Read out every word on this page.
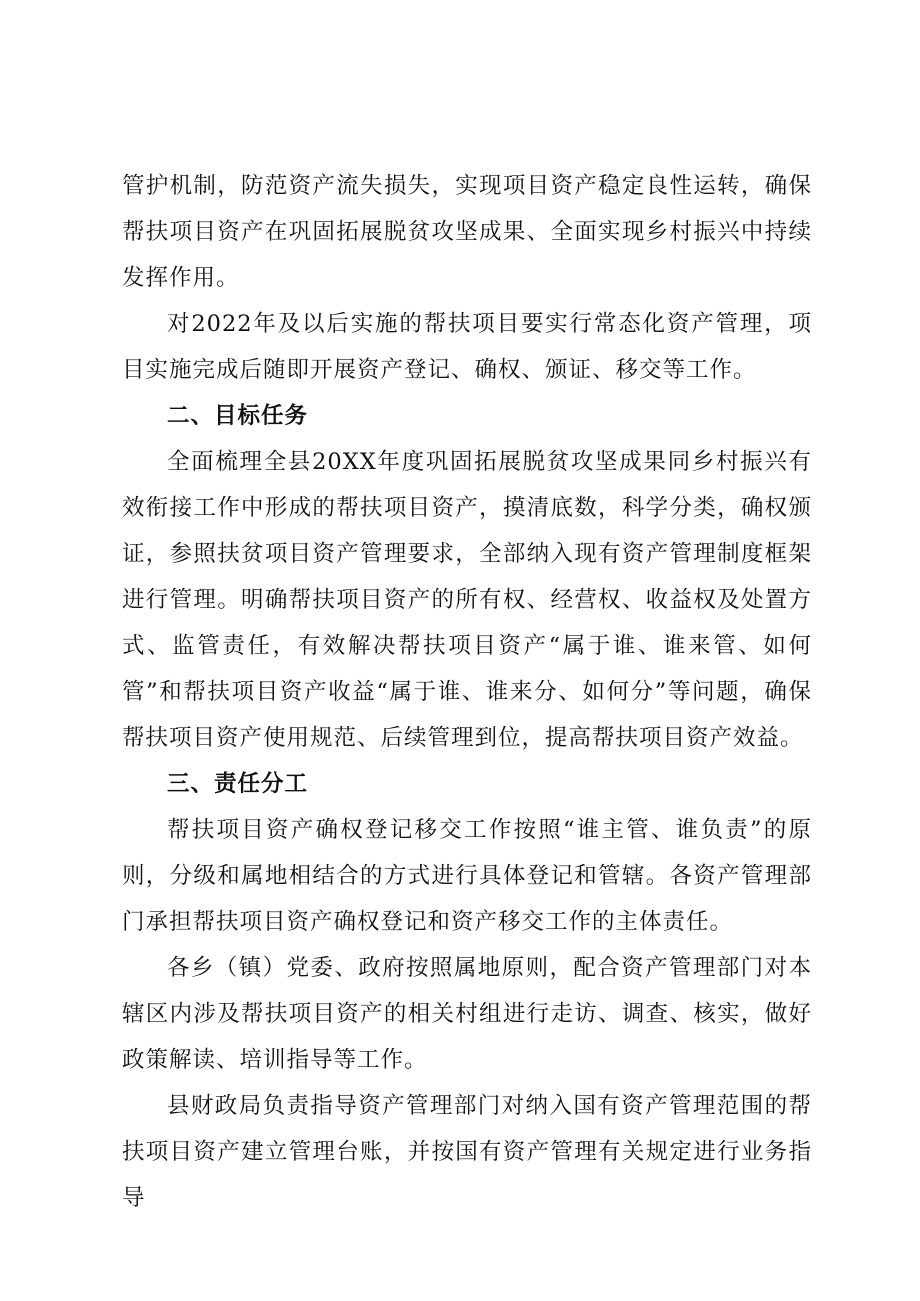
管护机制，防范资产流失损失，实现项目资产稳定良性运转，确保帮扶项目资产在巩固拓展脱贫攻坚成果、全面实现乡村振兴中持续发挥作用。

对2022年及以后实施的帮扶项目要实行常态化资产管理，项目实施完成后随即开展资产登记、确权、颁证、移交等工作。

二、目标任务

全面梳理全县20XX年度巩固拓展脱贫攻坚成果同乡村振兴有效衔接工作中形成的帮扶项目资产，摸清底数，科学分类，确权颁证，参照扶贫项目资产管理要求，全部纳入现有资产管理制度框架进行管理。明确帮扶项目资产的所有权、经营权、收益权及处置方式、监管责任，有效解决帮扶项目资产“属于谁、谁来管、如何管”和帮扶项目资产收益“属于谁、谁来分、如何分”等问题，确保帮扶项目资产使用规范、后续管理到位，提高帮扶项目资产效益。

三、责任分工

帮扶项目资产确权登记移交工作按照“谁主管、谁负责”的原则，分级和属地相结合的方式进行具体登记和管辖。各资产管理部门承担帮扶项目资产确权登记和资产移交工作的主体责任。

各乡（镇）党委、政府按照属地原则，配合资产管理部门对本辖区内涉及帮扶项目资产的相关村组进行走访、调查、核实，做好政策解读、培训指导等工作。

县财政局负责指导资产管理部门对纳入国有资产管理范围的帮扶项目资产建立管理台账，并按国有资产管理有关规定进行业务指导
